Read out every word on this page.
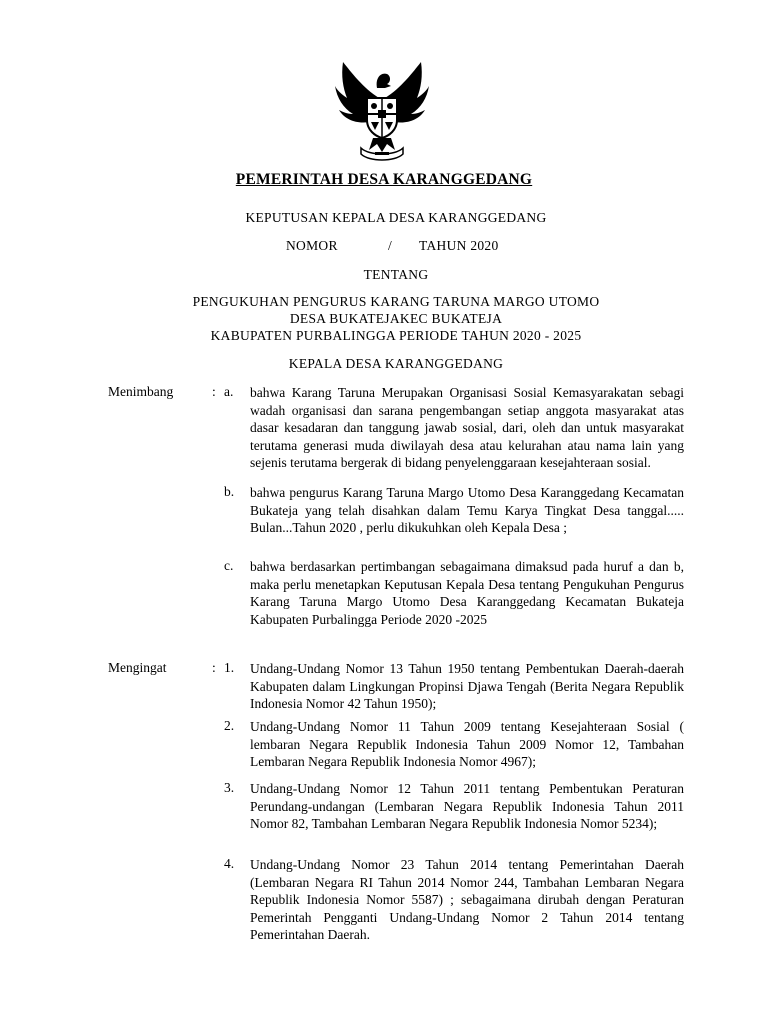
PEMERINTAH DESA KARANGGEDANG
KEPUTUSAN KEPALA DESA KARANGGEDANG
NOMOR	/ TAHUN 2020
TENTANG
PENGUKUHAN PENGURUS KARANG TARUNA MARGO UTOMO
DESA BUKATEJAKEC BUKATEJA
KABUPATEN PURBALINGGA PERIODE TAHUN 2020 - 2025
KEPALA DESA KARANGGEDANG
Menimbang	: a.	bahwa Karang Taruna Merupakan Organisasi Sosial Kemasyarakatan sebagi wadah organisasi dan sarana pengembangan setiap anggota masyarakat atas dasar kesadaran dan tanggung jawab sosial, dari, oleh dan untuk masyarakat terutama generasi muda diwilayah desa atau kelurahan atau nama lain yang sejenis terutama bergerak di bidang penyelenggaraan kesejahteraan sosial.
b.	bahwa pengurus Karang Taruna Margo Utomo Desa Karanggedang Kecamatan Bukateja yang telah disahkan dalam Temu Karya Tingkat Desa tanggal..... Bulan...Tahun 2020 , perlu dikukuhkan oleh Kepala Desa ;
c.	bahwa berdasarkan pertimbangan sebagaimana dimaksud pada huruf a dan b, maka perlu menetapkan Keputusan Kepala Desa tentang Pengukuhan Pengurus Karang Taruna Margo Utomo Desa Karanggedang Kecamatan Bukateja Kabupaten Purbalingga Periode 2020 -2025
Mengingat	: 1.	Undang-Undang Nomor 13 Tahun 1950 tentang Pembentukan Daerah-daerah Kabupaten dalam Lingkungan Propinsi Djawa Tengah (Berita Negara Republik Indonesia Nomor 42 Tahun 1950);
2.	Undang-Undang Nomor 11 Tahun 2009 tentang Kesejahteraan Sosial ( lembaran Negara Republik Indonesia Tahun 2009 Nomor 12, Tambahan Lembaran Negara Republik Indonesia Nomor 4967);
3.	Undang-Undang Nomor 12 Tahun 2011 tentang Pembentukan Peraturan Perundang-undangan (Lembaran Negara Republik Indonesia Tahun 2011 Nomor 82, Tambahan Lembaran Negara Republik Indonesia Nomor 5234);
4.	Undang-Undang Nomor 23 Tahun 2014 tentang Pemerintahan Daerah (Lembaran Negara RI Tahun 2014 Nomor 244, Tambahan Lembaran Negara Republik Indonesia Nomor 5587) ; sebagaimana dirubah dengan Peraturan Pemerintah Pengganti Undang-Undang Nomor 2 Tahun 2014 tentang Pemerintahan Daerah.
